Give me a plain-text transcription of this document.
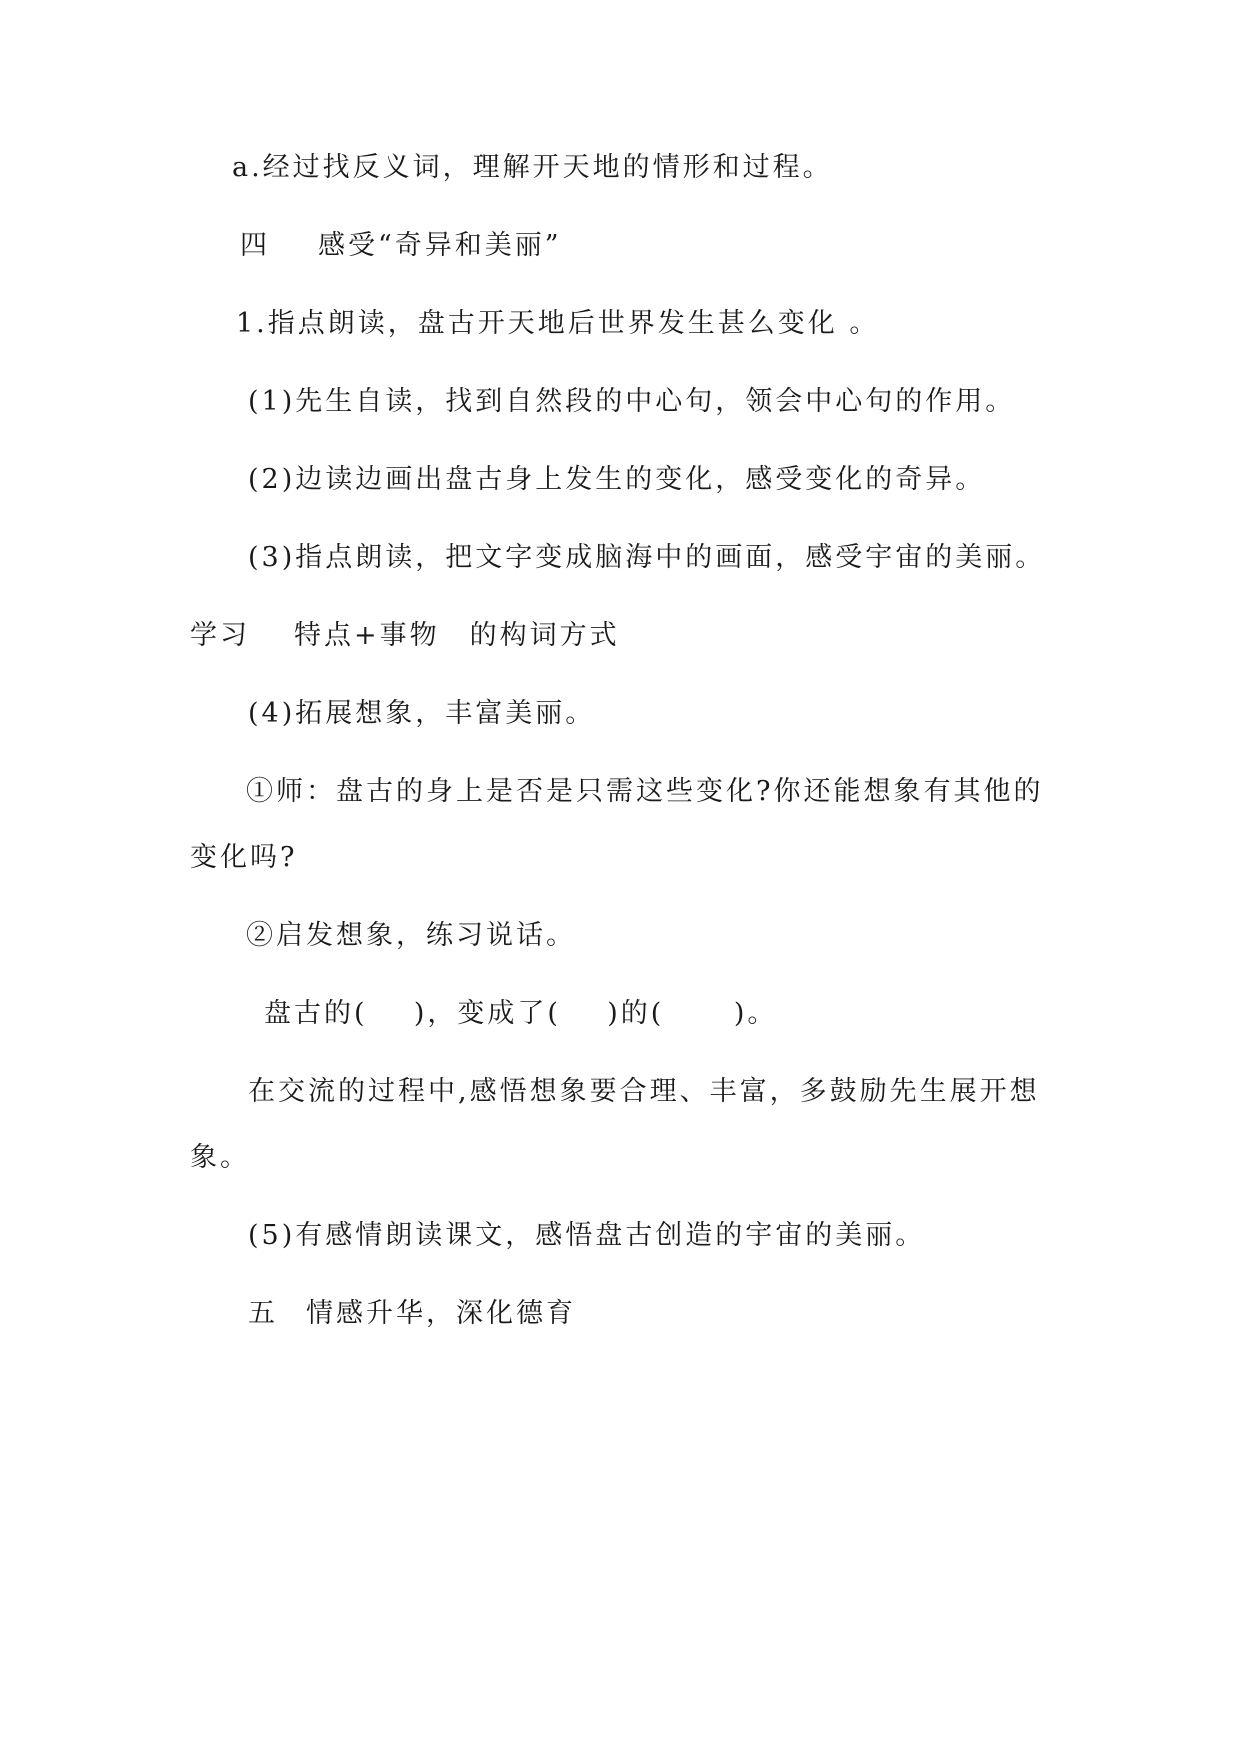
a.经过找反义词，理解开天地的情形和过程。
四 感受“奇异和美丽”
1.指点朗读，盘古开天地后世界发生甚么变化 。
(1)先生自读，找到自然段的中心句，领会中心句的作用。
(2)边读边画出盘古身上发生的变化，感受变化的奇异。
(3)指点朗读，把文字变成脑海中的画面，感受宇宙的美丽。
学习 特点+事物 的构词方式
(4)拓展想象，丰富美丽。
①师：盘古的身上是否是只需这些变化?你还能想象有其他的
变化吗?
②启发想象，练习说话。
盘古的(    )，变成了(    )的(      )。
在交流的过程中,感悟想象要合理、丰富，多鼓励先生展开想
象。
(5)有感情朗读课文，感悟盘古创造的宇宙的美丽。
五 情感升华，深化德育
